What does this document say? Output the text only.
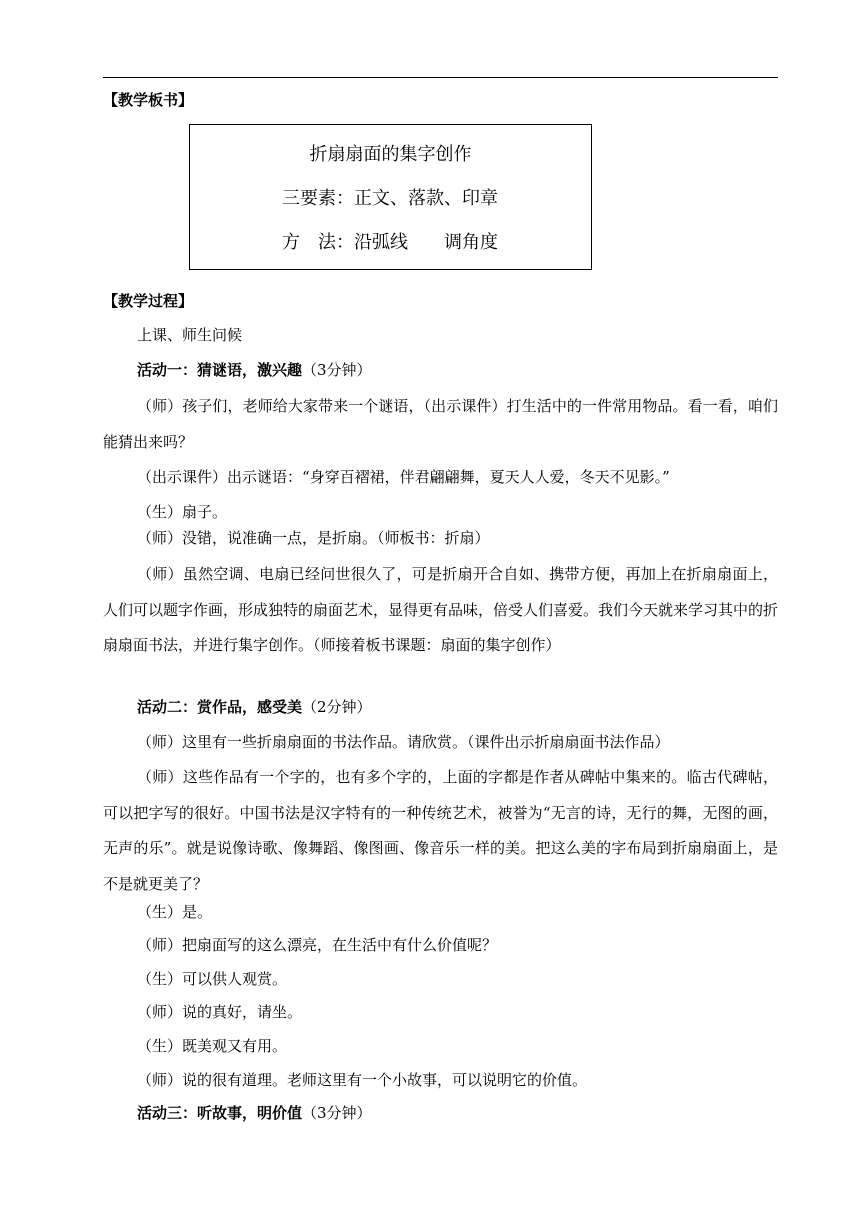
【教学板书】
折扇扇面的集字创作
三要素：正文、落款、印章
方　法：沿弧线 调角度
【教学过程】
上课、师生问候
活动一：猜谜语，激兴趣（3分钟）
（师）孩子们，老师给大家带来一个谜语，（出示课件）打生活中的一件常用物品。看一看，咱们能猜出来吗？
（出示课件）出示谜语：“身穿百褶裙，伴君翩翩舞，夏天人人爱，冬天不见影。”
（生）扇子。
（师）没错，说准确一点，是折扇。（师板书：折扇）
（师）虽然空调、电扇已经问世很久了，可是折扇开合自如、携带方便，再加上在折扇扇面上，人们可以题字作画，形成独特的扇面艺术，显得更有品味，倍受人们喜爱。我们今天就来学习其中的折扇扇面书法，并进行集字创作。（师接着板书课题：扇面的集字创作）
活动二：赏作品，感受美（2分钟）
（师）这里有一些折扇扇面的书法作品。请欣赏。（课件出示折扇扇面书法作品）
（师）这些作品有一个字的，也有多个字的，上面的字都是作者从碑帖中集来的。临古代碑帖，可以把字写的很好。中国书法是汉字特有的一种传统艺术，被誉为“无言的诗，无行的舞，无图的画，无声的乐”。就是说像诗歌、像舞蹈、像图画、像音乐一样的美。把这么美的字布局到折扇扇面上，是不是就更美了？
（生）是。
（师）把扇面写的这么漂亮，在生活中有什么价值呢？
（生）可以供人观赏。
（师）说的真好，请坐。
（生）既美观又有用。
（师）说的很有道理。老师这里有一个小故事，可以说明它的价值。
活动三：听故事，明价值（3分钟）
